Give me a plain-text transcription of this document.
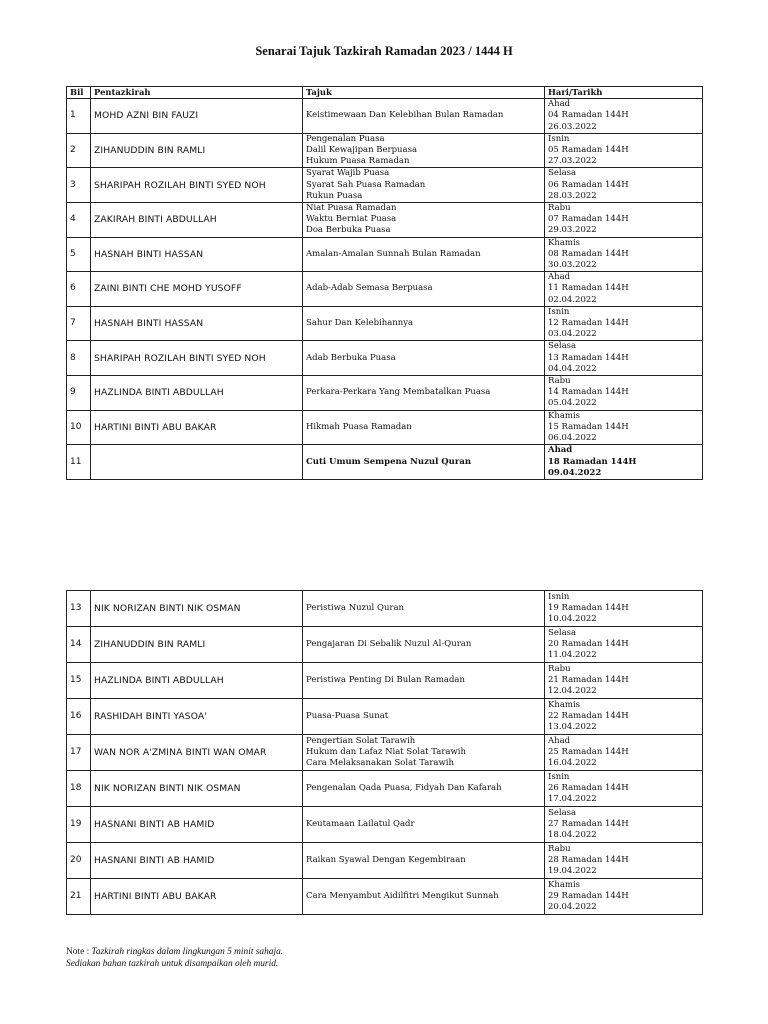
Senarai Tajuk Tazkirah Ramadan 2023 / 1444 H
Bil	Pentazkirah	Tajuk	Hari/Tarikh
1	MOHD AZNI BIN FAUZI	Keistimewaan Dan Kelebihan Bulan Ramadan	Ahad
04 Ramadan 144H
26.03.2022

2	ZIHANUDDIN BIN RAMLI	Pengenalan Puasa
Dalil Kewajipan Berpuasa
Hukum Puasa Ramadan	Isnin
05 Ramadan 144H
27.03.2022

3	SHARIPAH ROZILAH BINTI SYED NOH	Syarat Wajib Puasa
Syarat Sah Puasa Ramadan
Rukun Puasa	Selasa
06 Ramadan 144H
28.03.2022

4	ZAKIRAH BINTI ABDULLAH	Niat Puasa Ramadan
Waktu Berniat Puasa
Doa Berbuka Puasa	Rabu
07 Ramadan 144H
29.03.2022

5	HASNAH BINTI HASSAN	Amalan-Amalan Sunnah Bulan Ramadan	Khamis
08 Ramadan 144H
30.03.2022

6	ZAINI BINTI CHE MOHD YUSOFF	Adab-Adab Semasa Berpuasa	Ahad
11 Ramadan 144H
02.04.2022

7	HASNAH BINTI HASSAN	Sahur Dan Kelebihannya	Isnin
12 Ramadan 144H
03.04.2022

8	SHARIPAH ROZILAH BINTI SYED NOH	Adab Berbuka Puasa	Selasa
13 Ramadan 144H
04.04.2022

9	HAZLINDA BINTI ABDULLAH	Perkara-Perkara Yang Membatalkan Puasa	Rabu
14 Ramadan 144H
05.04.2022

10	HARTINI BINTI ABU BAKAR	Hikmah Puasa Ramadan	Khamis
15 Ramadan 144H
06.04.2022

11		Cuti Umum Sempena Nuzul Quran	Ahad
18 Ramadan 144H
09.04.2022
13	NIK NORIZAN BINTI NIK OSMAN	Peristiwa Nuzul Quran	Isnin
19 Ramadan 144H
10.04.2022

14	ZIHANUDDIN BIN RAMLI	Pengajaran Di Sebalik Nuzul Al-Quran	Selasa
20 Ramadan 144H
11.04.2022

15	HAZLINDA BINTI ABDULLAH	Peristiwa Penting Di Bulan Ramadan	Rabu
21 Ramadan 144H
12.04.2022

16	RASHIDAH BINTI YASOA'	Puasa-Puasa Sunat	Khamis
22 Ramadan 144H
13.04.2022

17	WAN NOR A'ZMINA BINTI WAN OMAR	Pengertian Solat Tarawih
Hukum dan Lafaz Niat Solat Tarawih
Cara Melaksanakan Solat Tarawih	Ahad
25 Ramadan 144H
16.04.2022

18	NIK NORIZAN BINTI NIK OSMAN	Pengenalan Qada Puasa, Fidyah Dan Kafarah	Isnin
26 Ramadan 144H
17.04.2022

19	HASNANI BINTI AB HAMID	Keutamaan Lailatul Qadr	Selasa
27 Ramadan 144H
18.04.2022

20	HASNANI BINTI AB HAMID	Raikan Syawal Dengan Kegembiraan	Rabu
28 Ramadan 144H
19.04.2022

21	HARTINI BINTI ABU BAKAR	Cara Menyambut Aidilfitri Mengikut Sunnah	Khamis
29 Ramadan 144H
20.04.2022
Note : Tazkirah ringkas dalam lingkungan 5 minit sahaja.
Sediakan bahan tazkirah untuk disampaikan oleh murid.
